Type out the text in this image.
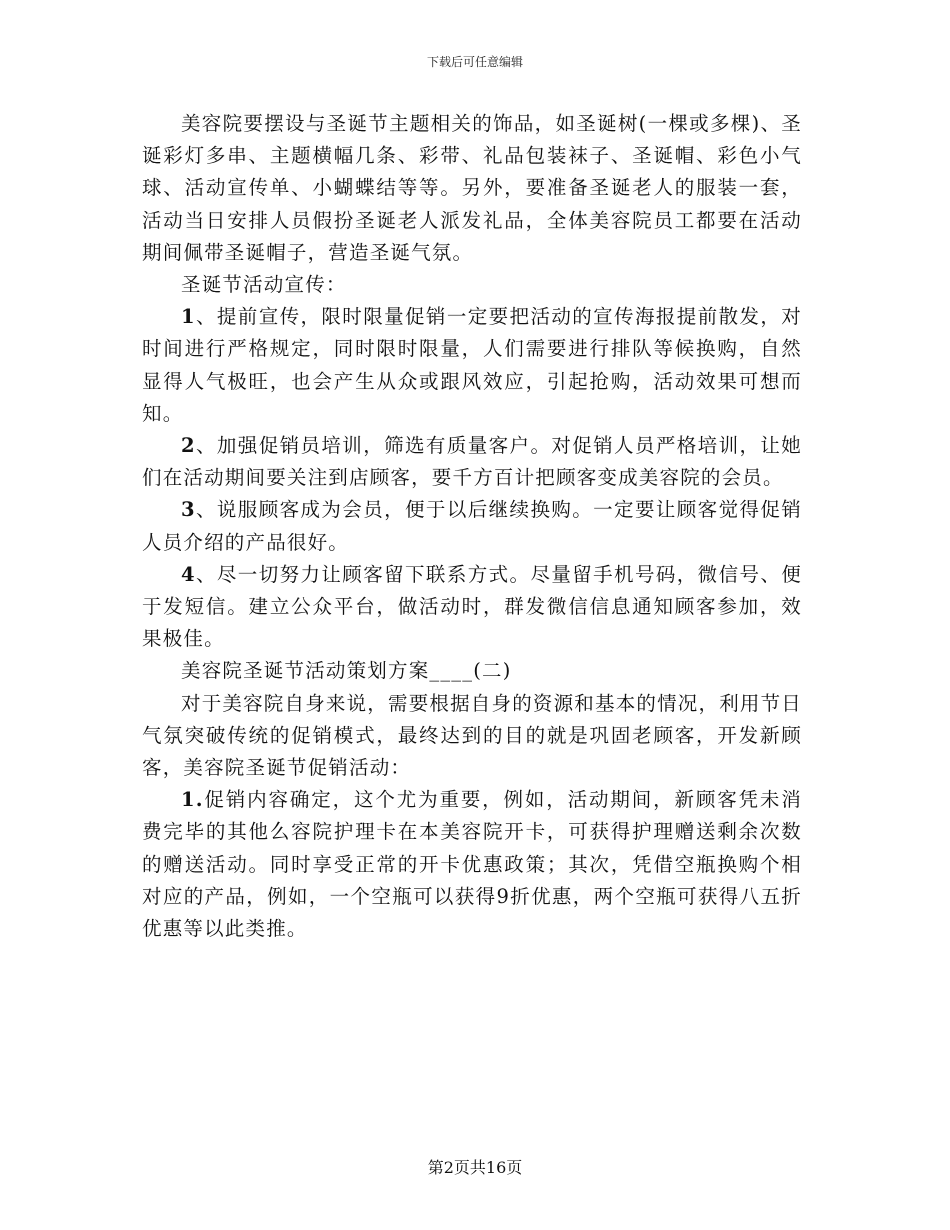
下载后可任意编辑

美容院要摆设与圣诞节主题相关的饰品，如圣诞树(一棵或多棵)、圣诞彩灯多串、主题横幅几条、彩带、礼品包装袜子、圣诞帽、彩色小气球、活动宣传单、小蝴蝶结等等。另外，要准备圣诞老人的服装一套，活动当日安排人员假扮圣诞老人派发礼品，全体美容院员工都要在活动期间佩带圣诞帽子，营造圣诞气氛。

圣诞节活动宣传：

1、提前宣传，限时限量促销一定要把活动的宣传海报提前散发，对时间进行严格规定，同时限时限量，人们需要进行排队等候换购，自然显得人气极旺，也会产生从众或跟风效应，引起抢购，活动效果可想而知。

2、加强促销员培训，筛选有质量客户。对促销人员严格培训，让她们在活动期间要关注到店顾客，要千方百计把顾客变成美容院的会员。

3、说服顾客成为会员，便于以后继续换购。一定要让顾客觉得促销人员介绍的产品很好。

4、尽一切努力让顾客留下联系方式。尽量留手机号码，微信号、便于发短信。建立公众平台，做活动时，群发微信信息通知顾客参加，效果极佳。

美容院圣诞节活动策划方案____(二)

对于美容院自身来说，需要根据自身的资源和基本的情况，利用节日气氛突破传统的促销模式，最终达到的目的就是巩固老顾客，开发新顾客，美容院圣诞节促销活动：

1.促销内容确定，这个尤为重要，例如，活动期间，新顾客凭未消费完毕的其他么容院护理卡在本美容院开卡，可获得护理赠送剩余次数的赠送活动。同时享受正常的开卡优惠政策；其次，凭借空瓶换购个相对应的产品，例如，一个空瓶可以获得9折优惠，两个空瓶可获得八五折优惠等以此类推。

第2页共16页
